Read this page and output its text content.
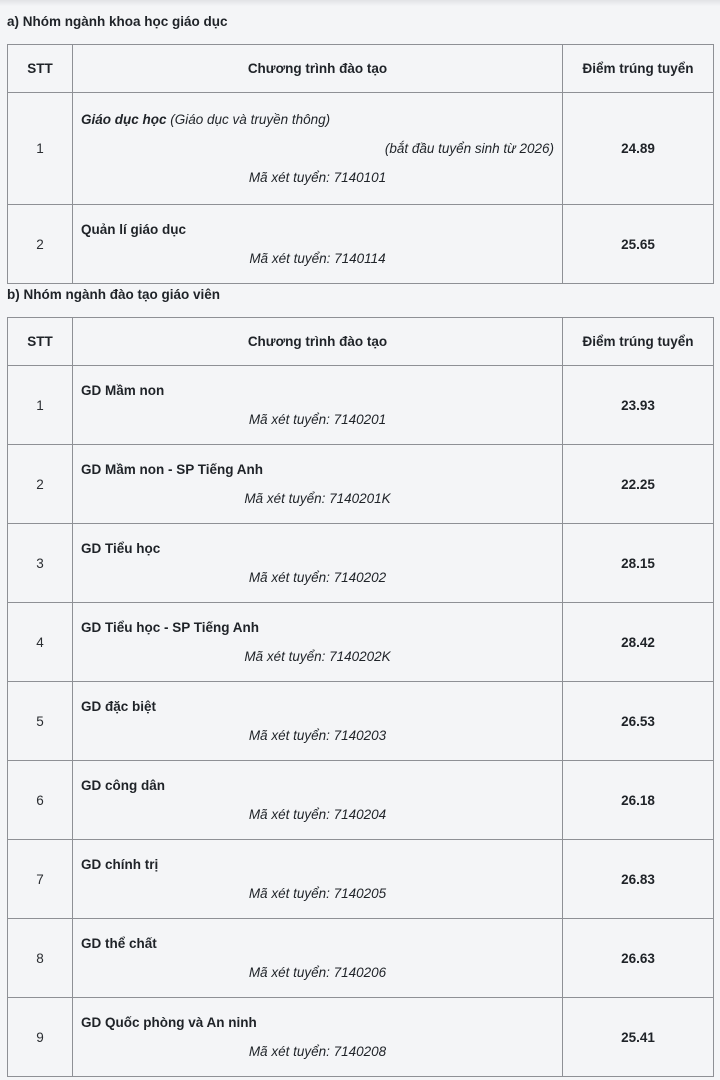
a) Nhóm ngành khoa học giáo dục
STT	Chương trình đào tạo	Điểm trúng tuyển
1	Giáo dục học (Giáo dục và truyền thông)
(bắt đầu tuyển sinh từ 2026)
Mã xét tuyển: 7140101	24.89
2	Quản lí giáo dục
Mã xét tuyển: 7140114	25.65
b) Nhóm ngành đào tạo giáo viên
STT	Chương trình đào tạo	Điểm trúng tuyển
1	GD Mầm non
Mã xét tuyển: 7140201	23.93
2	GD Mầm non - SP Tiếng Anh
Mã xét tuyển: 7140201K	22.25
3	GD Tiểu học
Mã xét tuyển: 7140202	28.15
4	GD Tiểu học - SP Tiếng Anh
Mã xét tuyển: 7140202K	28.42
5	GD đặc biệt
Mã xét tuyển: 7140203	26.53
6	GD công dân
Mã xét tuyển: 7140204	26.18
7	GD chính trị
Mã xét tuyển: 7140205	26.83
8	GD thể chất
Mã xét tuyển: 7140206	26.63
9	GD Quốc phòng và An ninh
Mã xét tuyển: 7140208	25.41
